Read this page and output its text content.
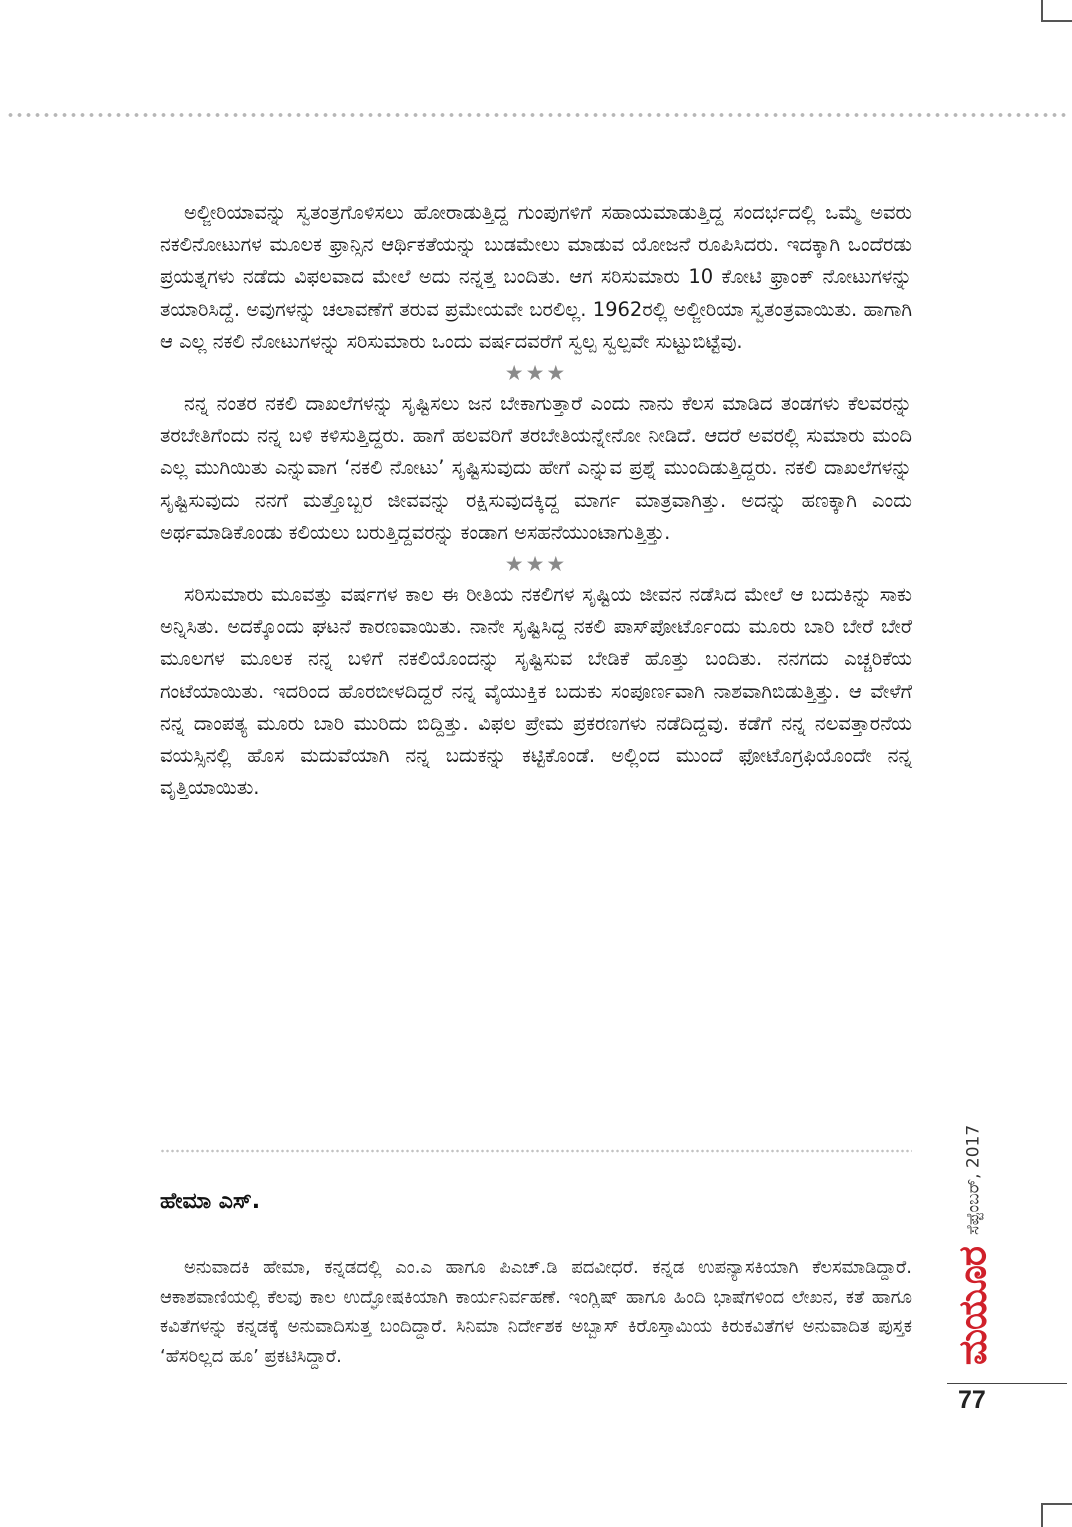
ಅಲ್ಜೀರಿಯಾವನ್ನು ಸ್ವತಂತ್ರಗೊಳಿಸಲು ಹೋರಾಡುತ್ತಿದ್ದ ಗುಂಪುಗಳಿಗೆ ಸಹಾಯಮಾಡುತ್ತಿದ್ದ ಸಂದರ್ಭದಲ್ಲಿ ಒಮ್ಮೆ ಅವರು ನಕಲಿನೋಟುಗಳ ಮೂಲಕ ಫ್ರಾನ್ಸಿನ ಆರ್ಥಿಕತೆಯನ್ನು ಬುಡಮೇಲು ಮಾಡುವ ಯೋಜನೆ ರೂಪಿಸಿದರು. ಇದಕ್ಕಾಗಿ ಒಂದೆರಡು ಪ್ರಯತ್ನಗಳು ನಡೆದು ವಿಫಲವಾದ ಮೇಲೆ ಅದು ನನ್ನತ್ತ ಬಂದಿತು. ಆಗ ಸರಿಸುಮಾರು 10 ಕೋಟಿ ಫ್ರಾಂಕ್ ನೋಟುಗಳನ್ನು ತಯಾರಿಸಿದ್ದೆ. ಅವುಗಳನ್ನು ಚಲಾವಣೆಗೆ ತರುವ ಪ್ರಮೇಯವೇ ಬರಲಿಲ್ಲ. 1962ರಲ್ಲಿ ಅಲ್ಜೀರಿಯಾ ಸ್ವತಂತ್ರವಾಯಿತು. ಹಾಗಾಗಿ ಆ ಎಲ್ಲ ನಕಲಿ ನೋಟುಗಳನ್ನು ಸರಿಸುಮಾರು ಒಂದು ವರ್ಷದವರೆಗೆ ಸ್ವಲ್ಪ ಸ್ವಲ್ಪವೇ ಸುಟ್ಟುಬಿಟ್ಟೆವು.

★★★

ನನ್ನ ನಂತರ ನಕಲಿ ದಾಖಲೆಗಳನ್ನು ಸೃಷ್ಟಿಸಲು ಜನ ಬೇಕಾಗುತ್ತಾರೆ ಎಂದು ನಾನು ಕೆಲಸ ಮಾಡಿದ ತಂಡಗಳು ಕೆಲವರನ್ನು ತರಬೇತಿಗೆಂದು ನನ್ನ ಬಳಿ ಕಳಿಸುತ್ತಿದ್ದರು. ಹಾಗೆ ಹಲವರಿಗೆ ತರಬೇತಿಯನ್ನೇನೋ ನೀಡಿದೆ. ಆದರೆ ಅವರಲ್ಲಿ ಸುಮಾರು ಮಂದಿ ಎಲ್ಲ ಮುಗಿಯಿತು ಎನ್ನುವಾಗ ‘ನಕಲಿ ನೋಟು’ ಸೃಷ್ಟಿಸುವುದು ಹೇಗೆ ಎನ್ನುವ ಪ್ರಶ್ನೆ ಮುಂದಿಡುತ್ತಿದ್ದರು. ನಕಲಿ ದಾಖಲೆಗಳನ್ನು ಸೃಷ್ಟಿಸುವುದು ನನಗೆ ಮತ್ತೊಬ್ಬರ ಜೀವವನ್ನು ರಕ್ಷಿಸುವುದಕ್ಕಿದ್ದ ಮಾರ್ಗ ಮಾತ್ರವಾಗಿತ್ತು. ಅದನ್ನು ಹಣಕ್ಕಾಗಿ ಎಂದು ಅರ್ಥಮಾಡಿಕೊಂಡು ಕಲಿಯಲು ಬರುತ್ತಿದ್ದವರನ್ನು ಕಂಡಾಗ ಅಸಹನೆಯುಂಟಾಗುತ್ತಿತ್ತು.

★★★

ಸರಿಸುಮಾರು ಮೂವತ್ತು ವರ್ಷಗಳ ಕಾಲ ಈ ರೀತಿಯ ನಕಲಿಗಳ ಸೃಷ್ಟಿಯ ಜೀವನ ನಡೆಸಿದ ಮೇಲೆ ಆ ಬದುಕಿನ್ನು ಸಾಕು ಅನ್ನಿಸಿತು. ಅದಕ್ಕೊಂದು ಘಟನೆ ಕಾರಣವಾಯಿತು. ನಾನೇ ಸೃಷ್ಟಿಸಿದ್ದ ನಕಲಿ ಪಾಸ್‌ಪೋರ್ಟೊಂದು ಮೂರು ಬಾರಿ ಬೇರೆ ಬೇರೆ ಮೂಲಗಳ ಮೂಲಕ ನನ್ನ ಬಳಿಗೆ ನಕಲಿಯೊಂದನ್ನು ಸೃಷ್ಟಿಸುವ ಬೇಡಿಕೆ ಹೊತ್ತು ಬಂದಿತು. ನನಗದು ಎಚ್ಚರಿಕೆಯ ಗಂಟೆಯಾಯಿತು. ಇದರಿಂದ ಹೊರಬೀಳದಿದ್ದರೆ ನನ್ನ ವೈಯುಕ್ತಿಕ ಬದುಕು ಸಂಪೂರ್ಣವಾಗಿ ನಾಶವಾಗಿಬಿಡುತ್ತಿತ್ತು. ಆ ವೇಳೆಗೆ ನನ್ನ ದಾಂಪತ್ಯ ಮೂರು ಬಾರಿ ಮುರಿದು ಬಿದ್ದಿತ್ತು. ವಿಫಲ ಪ್ರೇಮ ಪ್ರಕರಣಗಳು ನಡೆದಿದ್ದವು. ಕಡೆಗೆ ನನ್ನ ನಲವತ್ತಾರನೆಯ ವಯಸ್ಸಿನಲ್ಲಿ ಹೊಸ ಮದುವೆಯಾಗಿ ನನ್ನ ಬದುಕನ್ನು ಕಟ್ಟಿಕೊಂಡೆ. ಅಲ್ಲಿಂದ ಮುಂದೆ ಫೋಟೊಗ್ರಫಿಯೊಂದೇ ನನ್ನ ವೃತ್ತಿಯಾಯಿತು.

ಹೇಮಾ ಎಸ್.

ಅನುವಾದಕಿ ಹೇಮಾ, ಕನ್ನಡದಲ್ಲಿ ಎಂ.ಎ ಹಾಗೂ ಪಿಎಚ್.ಡಿ ಪದವೀಧರೆ. ಕನ್ನಡ ಉಪನ್ಯಾಸಕಿಯಾಗಿ ಕೆಲಸಮಾಡಿದ್ದಾರೆ. ಆಕಾಶವಾಣಿಯಲ್ಲಿ ಕೆಲವು ಕಾಲ ಉದ್ಘೋಷಕಿಯಾಗಿ ಕಾರ್ಯನಿರ್ವಹಣೆ. ಇಂಗ್ಲಿಷ್ ಹಾಗೂ ಹಿಂದಿ ಭಾಷೆಗಳಿಂದ ಲೇಖನ, ಕತೆ ಹಾಗೂ ಕವಿತೆಗಳನ್ನು ಕನ್ನಡಕ್ಕೆ ಅನುವಾದಿಸುತ್ತ ಬಂದಿದ್ದಾರೆ. ಸಿನಿಮಾ ನಿರ್ದೇಶಕ ಅಬ್ಬಾಸ್ ಕಿರೊಸ್ತಾಮಿಯ ಕಿರುಕವಿತೆಗಳ ಅನುವಾದಿತ ಪುಸ್ತಕ ‘ಹೆಸರಿಲ್ಲದ ಹೂ’ ಪ್ರಕಟಿಸಿದ್ದಾರೆ.	ಮಯೂರ
ಸೆಪ್ಟೆಂಬರ್, 2017

77
